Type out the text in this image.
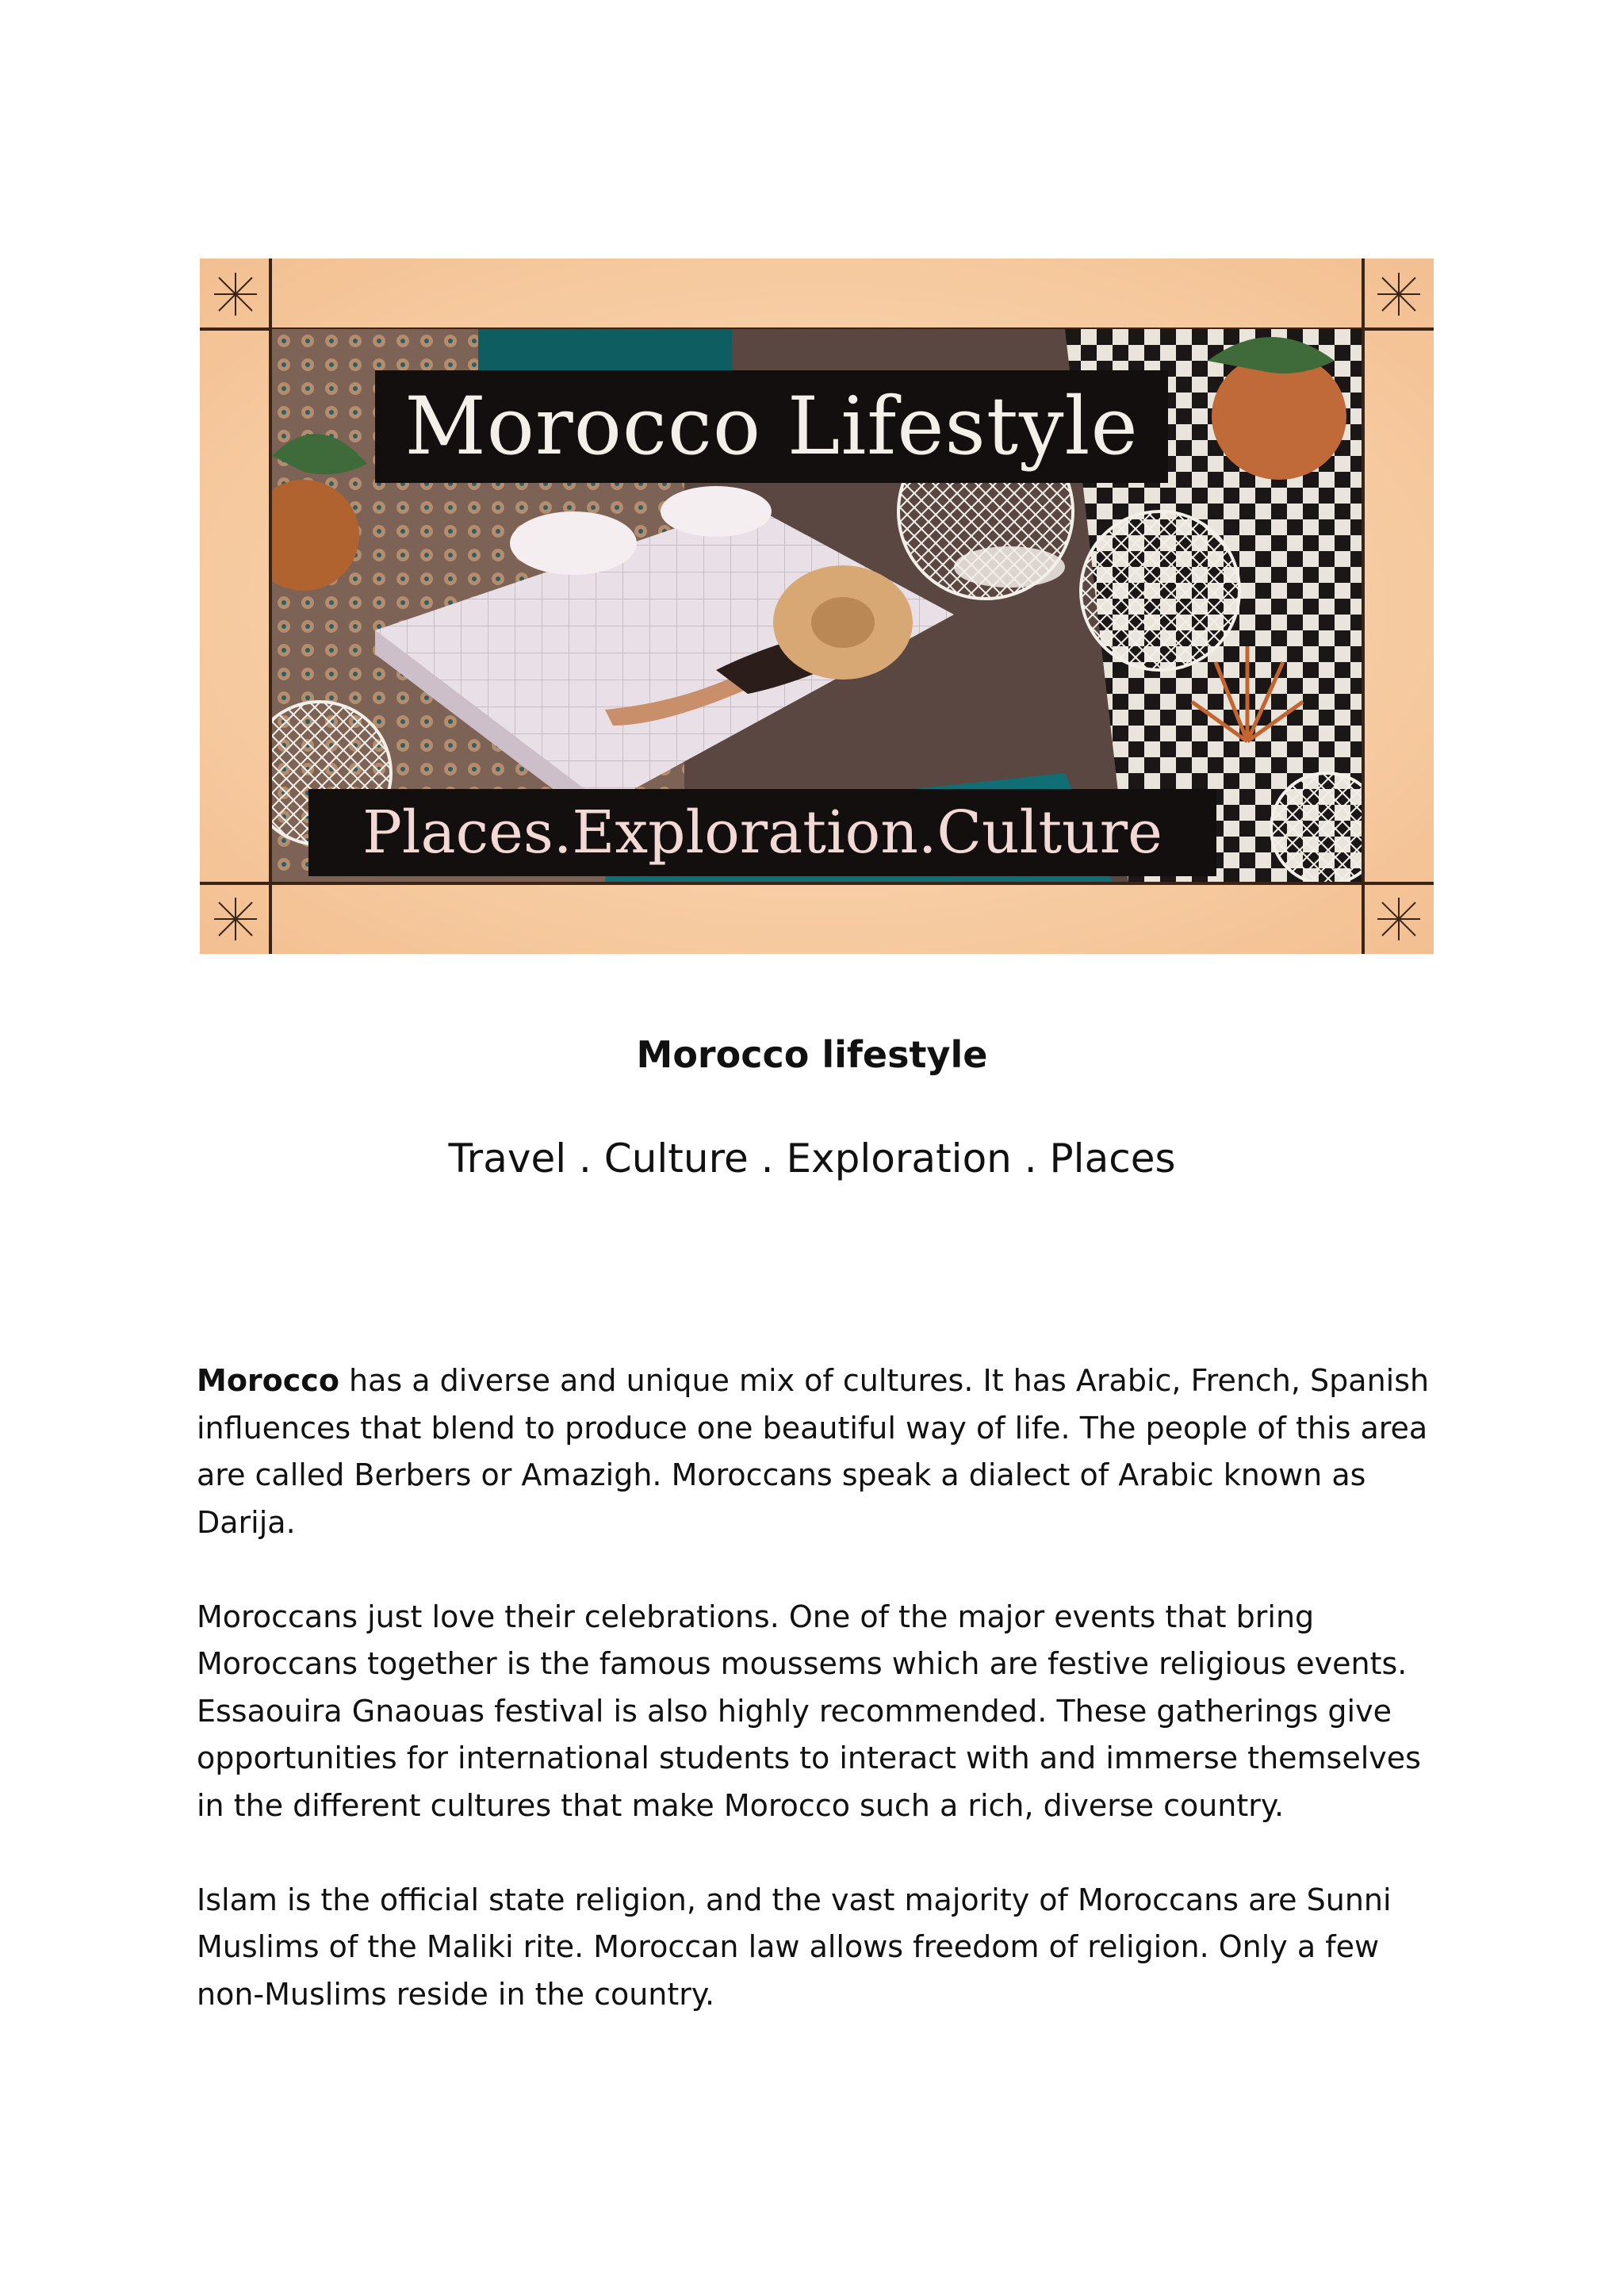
Morocco Lifestyle
Places.Exploration.Culture
Morocco lifestyle
Travel . Culture . Exploration . Places

Morocco has a diverse and unique mix of cultures. It has Arabic, French, Spanish influences that blend to produce one beautiful way of life. The people of this area are called Berbers or Amazigh. Moroccans speak a dialect of Arabic known as Darija.

Moroccans just love their celebrations. One of the major events that bring Moroccans together is the famous moussems which are festive religious events. Essaouira Gnaouas festival is also highly recommended. These gatherings give opportunities for international students to interact with and immerse themselves in the different cultures that make Morocco such a rich, diverse country.

Islam is the official state religion, and the vast majority of Moroccans are Sunni Muslims of the Maliki rite. Moroccan law allows freedom of religion. Only a few non-Muslims reside in the country.
